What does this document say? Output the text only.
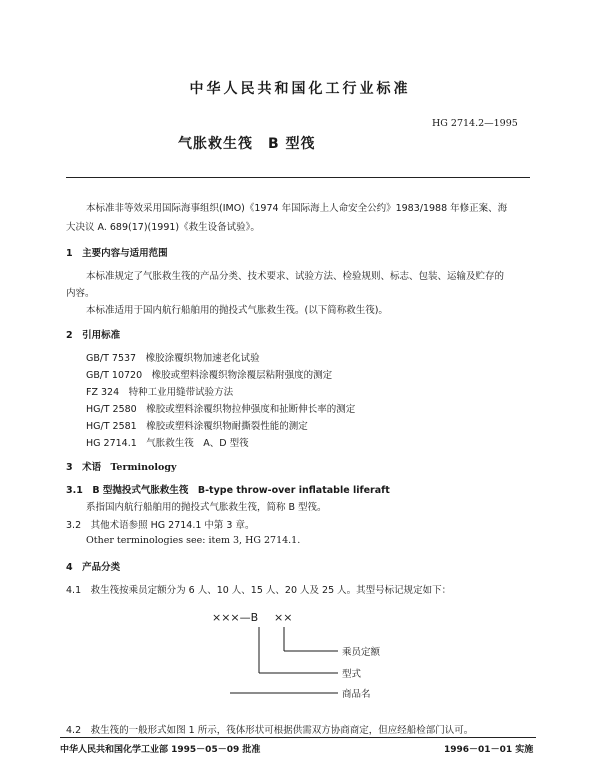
中华人民共和国化工行业标准
HG 2714.2—1995
气胀救生筏　B 型筏
本标准非等效采用国际海事组织(IMO)《1974 年国际海上人命安全公约》1983/1988 年修正案、海
大决议 A. 689(17)(1991)《救生设备试验》。
1　主要内容与适用范围
本标准规定了气胀救生筏的产品分类、技术要求、试验方法、检验规则、标志、包装、运输及贮存的
内容。
本标准适用于国内航行船舶用的抛投式气胀救生筏。(以下简称救生筏)。
2　引用标准
GB/T 7537　橡胶涂覆织物加速老化试验
GB/T 10720　橡胶或塑料涂覆织物涂覆层粘附强度的测定
FZ 324　特种工业用缝带试验方法
HG/T 2580　橡胶或塑料涂覆织物拉伸强度和扯断伸长率的测定
HG/T 2581　橡胶或塑料涂覆织物耐撕裂性能的测定
HG 2714.1　气胀救生筏　A、D 型筏
3　术语 Terminology
3.1　B 型抛投式气胀救生筏　B-type throw-over inflatable liferaft
系指国内航行船舶用的抛投式气胀救生筏，简称 B 型筏。
3.2　其他术语参照 HG 2714.1 中第 3 章。
Other terminologies see: item 3, HG 2714.1.
4　产品分类
4.1　救生筏按乘员定额分为 6 人、10 人、15 人、20 人及 25 人。其型号标记规定如下：
×××—B ××
乘员定额
型式
商品名
4.2　救生筏的一般形式如图 1 所示，筏体形状可根据供需双方协商商定，但应经船检部门认可。
中华人民共和国化学工业部 1995－05－09 批准	1996－01－01 实施
